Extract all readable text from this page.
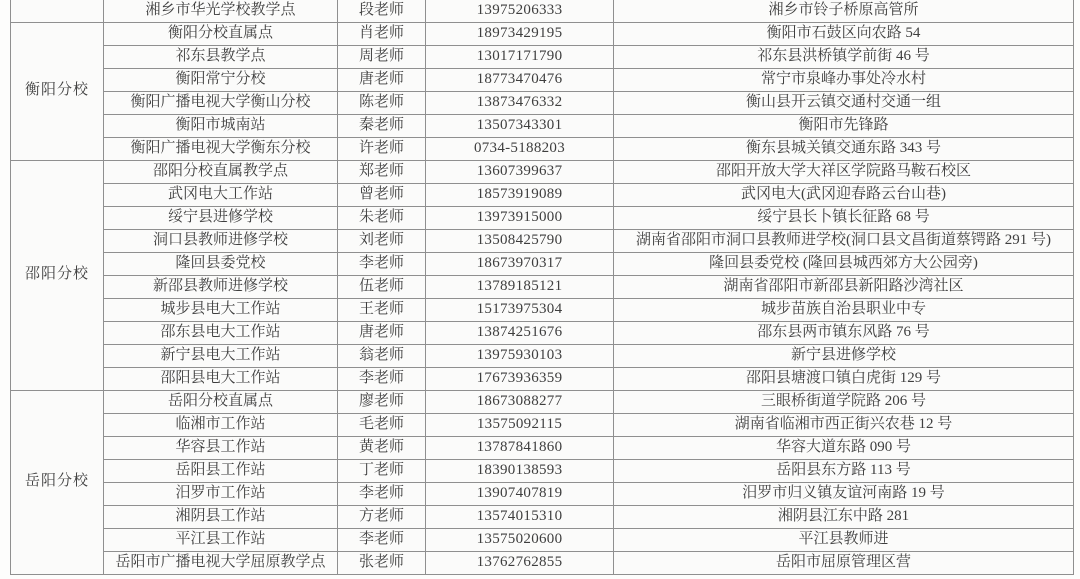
	湘乡市华光学校教学点	段老师	13975206333	湘乡市铃子桥原高管所
衡阳分校	衡阳分校直属点	肖老师	18973429195	衡阳市石鼓区向农路 54
	祁东县教学点	周老师	13017171790	祁东县洪桥镇学前街 46 号
	衡阳常宁分校	唐老师	18773470476	常宁市泉峰办事处冷水村
	衡阳广播电视大学衡山分校	陈老师	13873476332	衡山县开云镇交通村交通一组
	衡阳市城南站	秦老师	13507343301	衡阳市先锋路
	衡阳广播电视大学衡东分校	许老师	0734-5188203	衡东县城关镇交通东路 343 号
邵阳分校	邵阳分校直属教学点	郑老师	13607399637	邵阳开放大学大祥区学院路马鞍石校区
	武冈电大工作站	曾老师	18573919089	武冈电大(武冈迎春路云台山巷)
	绥宁县进修学校	朱老师	13973915000	绥宁县长卜镇长征路 68 号
	洞口县教师进修学校	刘老师	13508425790	湖南省邵阳市洞口县教师进学校(洞口县文昌街道蔡锷路 291 号)
	隆回县委党校	李老师	18673970317	隆回县委党校 (隆回县城西郊方大公园旁)
	新邵县教师进修学校	伍老师	13789185121	湖南省邵阳市新邵县新阳路沙湾社区
	城步县电大工作站	王老师	15173975304	城步苗族自治县职业中专
	邵东县电大工作站	唐老师	13874251676	邵东县两市镇东风路 76 号
	新宁县电大工作站	翁老师	13975930103	新宁县进修学校
	邵阳县电大工作站	李老师	17673936359	邵阳县塘渡口镇白虎街 129 号
岳阳分校	岳阳分校直属点	廖老师	18673088277	三眼桥街道学院路 206 号
	临湘市工作站	毛老师	13575092115	湖南省临湘市西正街兴农巷 12 号
	华容县工作站	黄老师	13787841860	华容大道东路 090 号
	岳阳县工作站	丁老师	18390138593	岳阳县东方路 113 号
	汨罗市工作站	李老师	13907407819	汨罗市归义镇友谊河南路 19 号
	湘阴县工作站	方老师	13574015310	湘阴县江东中路 281
	平江县工作站	李老师	13575020600	平江县教师进
	岳阳市广播电视大学屈原教学点	张老师	13762762855	岳阳市屈原管理区营
